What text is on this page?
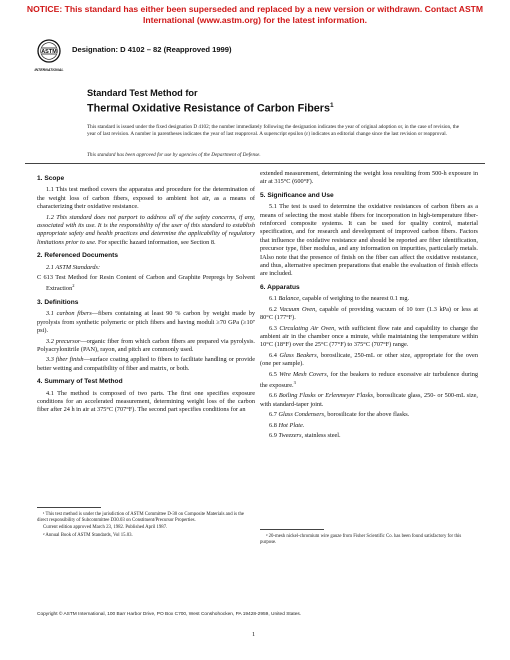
NOTICE: This standard has either been superseded and replaced by a new version or withdrawn. Contact ASTM
International (www.astm.org) for the latest information.
ASTM
INTERNATIONAL
Designation: D 4102 – 82 (Reapproved 1999)
Standard Test Method for
Thermal Oxidative Resistance of Carbon Fibers$^1$
This standard is issued under the fixed designation D 4102; the number immediately following the designation indicates the year of original adoption or, in the case of revision, the year of last revision. A number in parentheses indicates the year of last reapproval. A superscript epsilon (ε) indicates an editorial change since the last revision or reapproval.
This standard has been approved for use by agencies of the Department of Defense.
1. Scope

1.1 This test method covers the apparatus and procedure for the determination of the weight loss of carbon fibers, exposed to ambient hot air, as a means of characterizing their oxidative resistance.

1.2 This standard does not purport to address all of the safety concerns, if any, associated with its use. It is the responsibility of the user of this standard to establish appropriate safety and health practices and determine the applicability of regulatory limitations prior to use. For specific hazard information, see Section 8.

2. Referenced Documents

2.1 ASTM Standards:

C 613 Test Method for Resin Content of Carbon and Graphite Prepregs by Solvent Extraction$^2$

3. Definitions

3.1 carbon fibers—fibers containing at least 90 % carbon by weight made by pyrolysis from synthetic polymeric or pitch fibers and having moduli ≥70 GPa (≥10⁷ psi).

3.2 precursor—organic fiber from which carbon fibers are prepared via pyrolysis. Polyacrylonitrile (PAN), rayon, and pitch are commonly used.

3.3 fiber finish—surface coating applied to fibers to facilitate handling or provide better wetting and compatibility of fiber and matrix, or both.

4. Summary of Test Method

4.1 The method is composed of two parts. The first one specifies exposure conditions for an accelerated measurement, determining weight loss of the carbon fiber after 24 h in air at 375°C (707°F). The second part specifies conditions for an

extended measurement, determining the weight loss resulting from 500-h exposure in air at 315°C (600°F).

5. Significance and Use

5.1 The test is used to determine the oxidative resistances of carbon fibers as a means of selecting the most stable fibers for incorporation in high-temperature fiber-reinforced composite systems. It can be used for quality control, material specification, and for research and development of improved carbon fibers. Factors that influence the oxidative resistance and should be reported are fiber identification, precursor type, fiber modulus, and any information on impurities, particularly metals. IAlso note that the presence of finish on the fiber can affect the oxidative resistance, and thus, alternative specimen preparations that enable the evaluation of finish effects are included.

6. Apparatus

6.1 Balance, capable of weighing to the nearest 0.1 mg.

6.2 Vacuum Oven, capable of providing vacuum of 10 torr (1.3 kPa) or less at 80°C (177°F).

6.3 Circulating Air Oven, with sufficient flow rate and capability to change the ambient air in the chamber once a minute, while maintaining the temperature within 10°C (18°F) over the 25°C (77°F) to 375°C (707°F) range.

6.4 Glass Beakers, borosilicate, 250-mL or other size, appropriate for the oven (one per sample).

6.5 Wire Mesh Covers, for the beakers to reduce excessive air turbulence during the exposure.$^3$

6.6 Boiling Flasks or Erlenmeyer Flasks, borosilicate glass, 250- or 500-mL size, with standard-taper joint.

6.7 Glass Condensers, borosilicate for the above flasks.

6.8 Hot Plate.

6.9 Tweezers, stainless steel.

¹ This test method is under the jurisdiction of ASTM Committee D-30 on Composite Materials and is the direct responsibility of Subcommittee D30.03 on Constituent/Precursor Properties.

Current edition approved March 23, 1982. Published April 1987.

² Annual Book of ASTM Standards, Vol 15.03.	³ 20-mesh nickel-chromium wire gauze from Fisher Scientific Co. has been found satisfactory for this purpose.

Copyright © ASTM International, 100 Barr Harbor Drive, PO Box C700, West Conshohocken, PA 19428-2959, United States.
1
